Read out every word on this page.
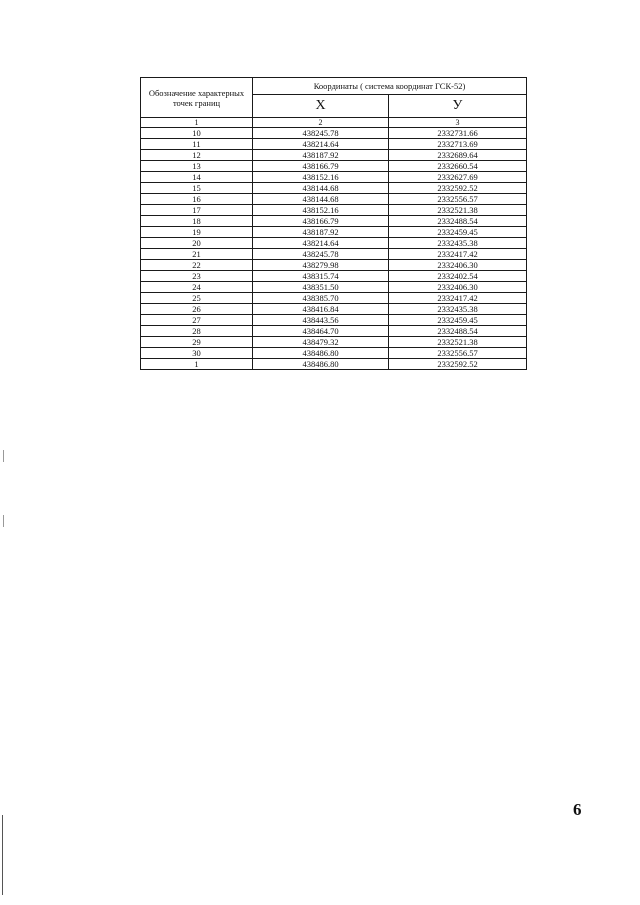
Обозначение характерных точек границ	Координаты ( система координат ГСК-52)	
	X	У
1	2	3
10	438245.78	2332731.66
11	438214.64	2332713.69
12	438187.92	2332689.64
13	438166.79	2332660.54
14	438152.16	2332627.69
15	438144.68	2332592.52
16	438144.68	2332556.57
17	438152.16	2332521.38
18	438166.79	2332488.54
19	438187.92	2332459.45
20	438214.64	2332435.38
21	438245.78	2332417.42
22	438279.98	2332406.30
23	438315.74	2332402.54
24	438351.50	2332406.30
25	438385.70	2332417.42
26	438416.84	2332435.38
27	438443.56	2332459.45
28	438464.70	2332488.54
29	438479.32	2332521.38
30	438486.80	2332556.57
1	438486.80	2332592.52
6
